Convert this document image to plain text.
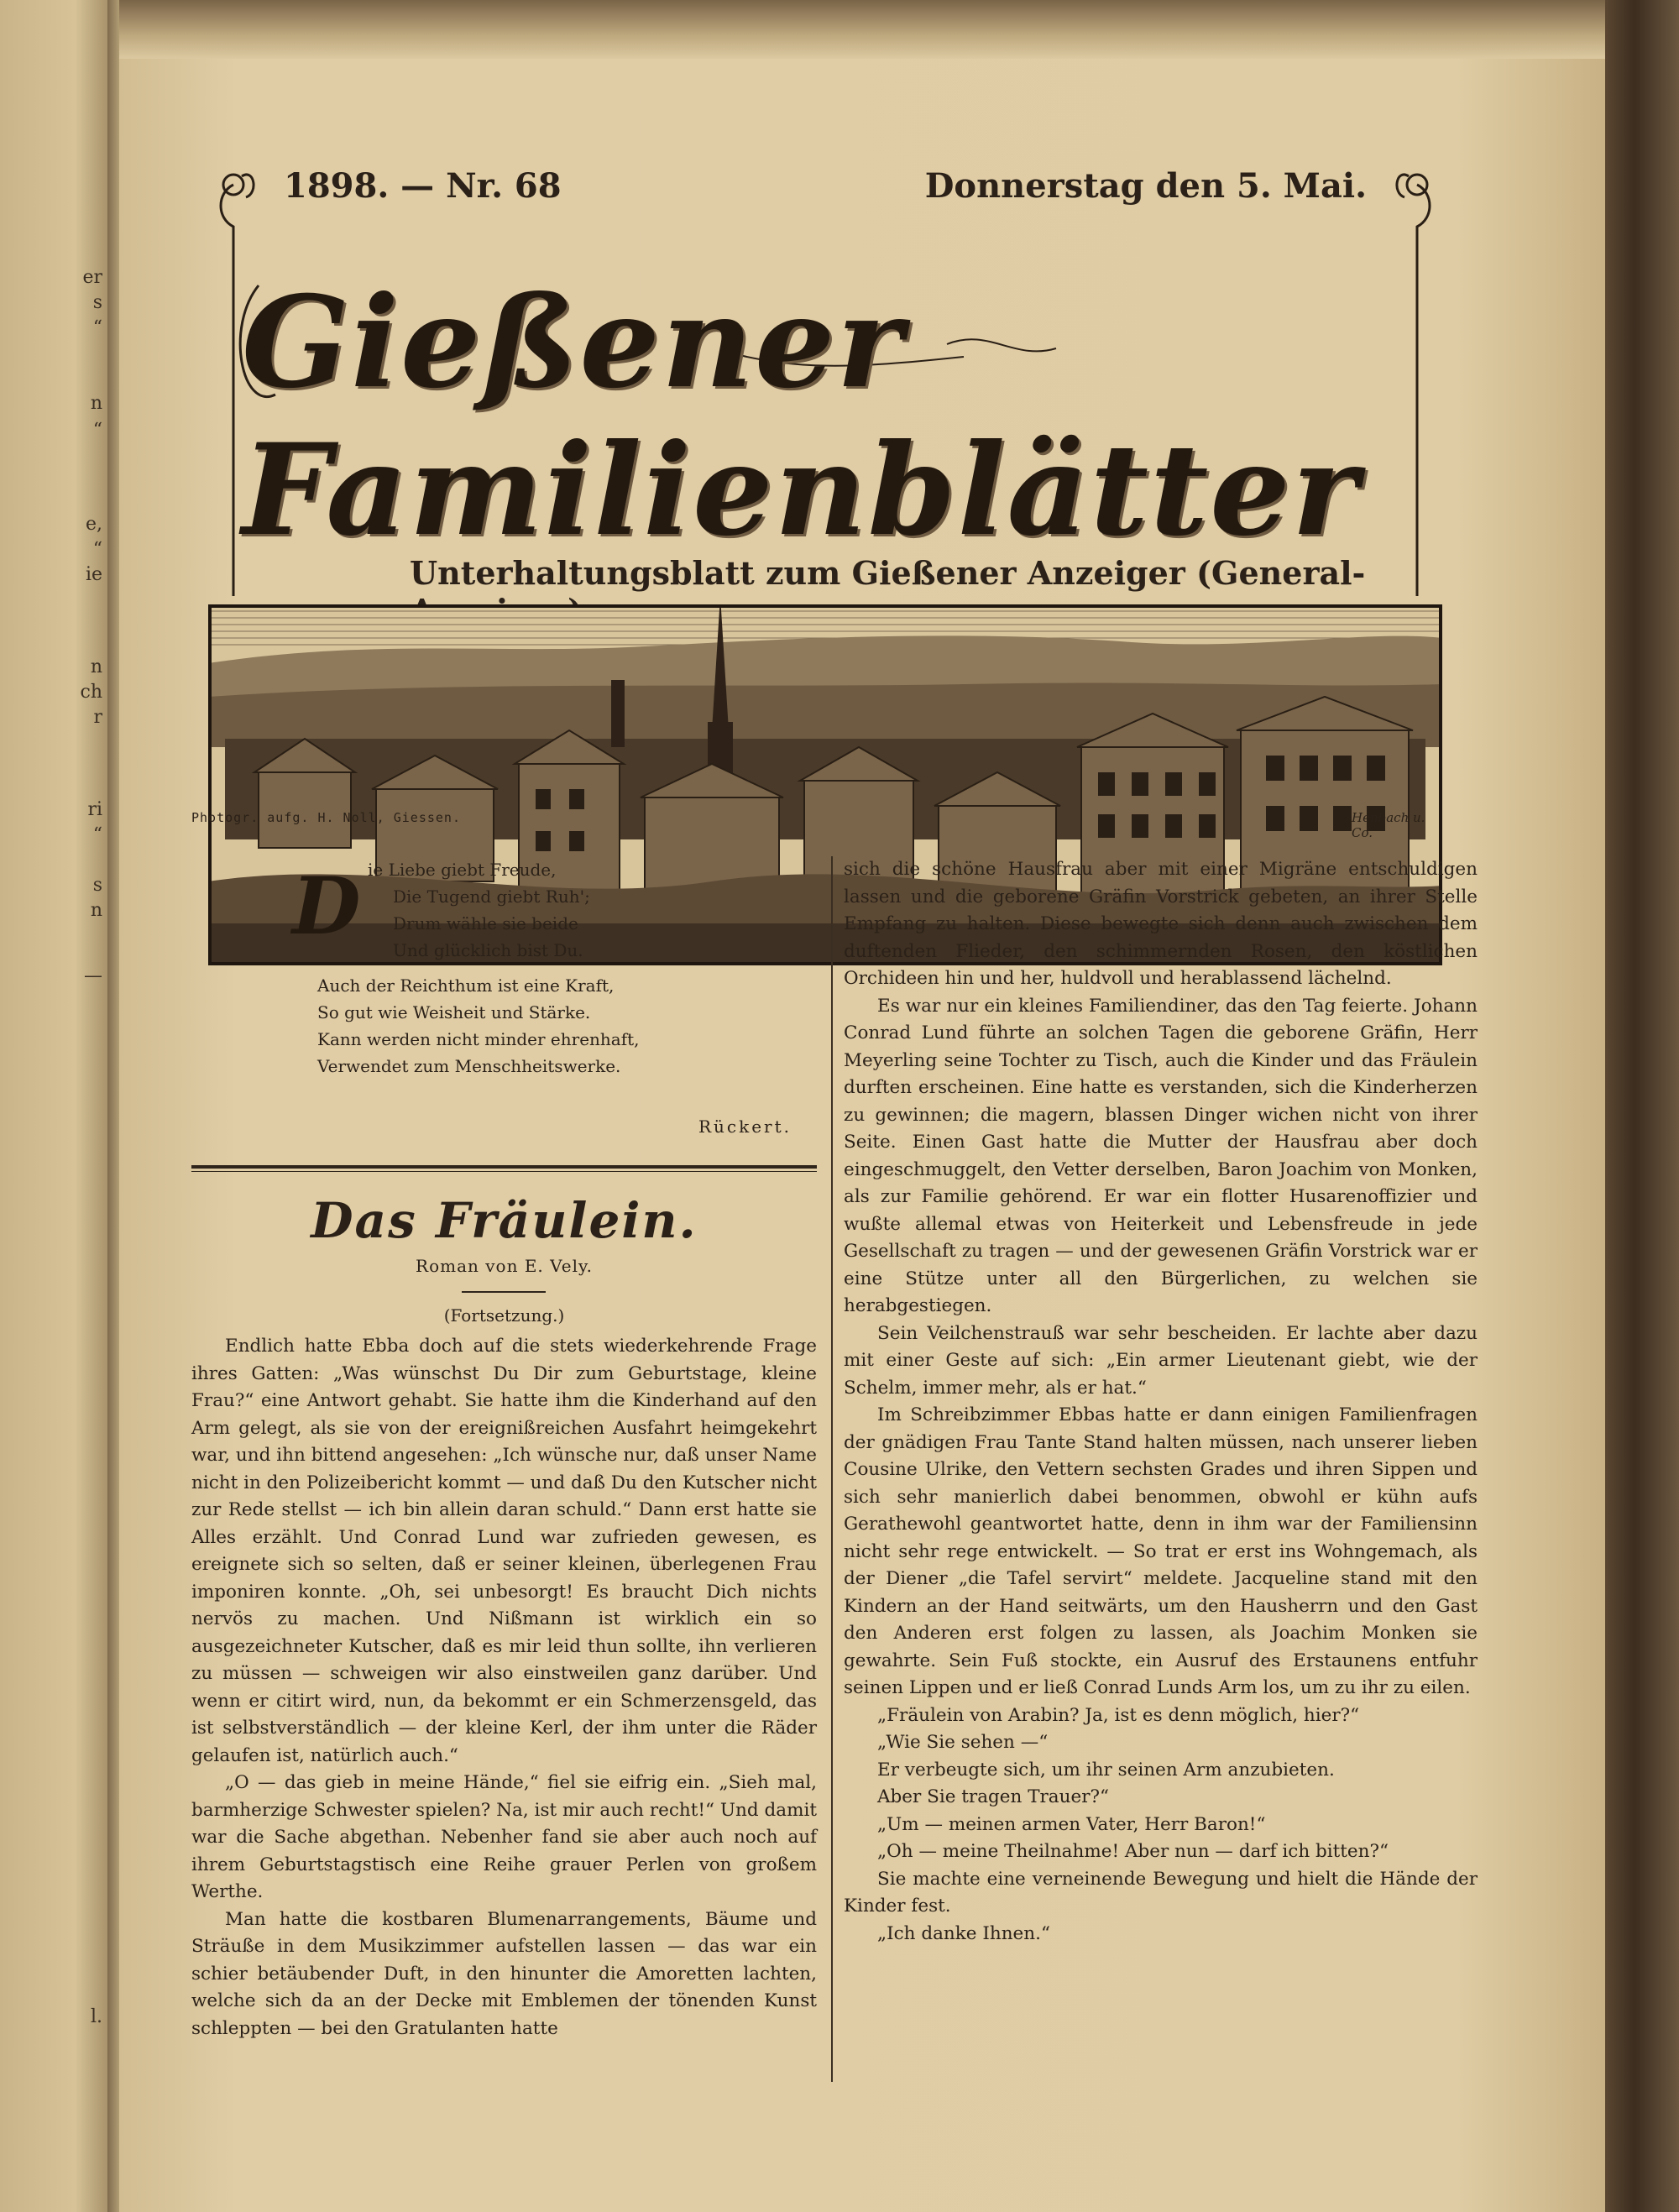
er
s
“
n
“
e,
“
ie
n
ch
r
ri
“
s
n
—
l.
1898. — Nr. 68	Donnerstag den 5. Mai.
Gießener Familienblätter
Unterhaltungsblatt zum Gießener Anzeiger (General-
Photogr. aufg. H. Noll, Giessen.	Henbach u. Co.
D ie Liebe giebt Freude,
Die Tugend giebt Ruh';
Drum wähle sie beide
Und glücklich bist Du.
Auch der Reichthum ist eine Kraft,
So gut wie Weisheit und Stärke.
Kann werden nicht minder ehrenhaft,
Verwendet zum Menschheitswerke.
Rückert.
Das Fräulein.
Roman von E. Vely.
(Fortsetzung.)

Endlich hatte Ebba doch auf die stets wiederkehrende Frage ihres Gatten: „Was wünschst Du Dir zum Geburtstage, kleine Frau?“ eine Antwort gehabt. Sie hatte ihm die Kinderhand auf den Arm gelegt, als sie von der ereignißreichen Ausfahrt heimgekehrt war, und ihn bittend angesehen: „Ich wünsche nur, daß unser Name nicht in den Polizeibericht kommt — und daß Du den Kutscher nicht zur Rede stellst — ich bin allein daran schuld.“ Dann erst hatte sie Alles erzählt. Und Conrad Lund war zufrieden gewesen, es ereignete sich so selten, daß er seiner kleinen, überlegenen Frau imponiren konnte. „Oh, sei unbesorgt! Es braucht Dich nichts nervös zu machen. Und Nißmann ist wirklich ein so ausgezeichneter Kutscher, daß es mir leid thun sollte, ihn verlieren zu müssen — schweigen wir also einstweilen ganz darüber. Und wenn er citirt wird, nun, da bekommt er ein Schmerzensgeld, das ist selbstverständlich — der kleine Kerl, der ihm unter die Räder gelaufen ist, natürlich auch.“

„O — das gieb in meine Hände,“ fiel sie eifrig ein. „Sieh mal, barmherzige Schwester spielen? Na, ist mir auch recht!“ Und damit war die Sache abgethan. Nebenher fand sie aber auch noch auf ihrem Geburtstagstisch eine Reihe grauer Perlen von großem Werthe.

Man hatte die kostbaren Blumenarrangements, Bäume und Sträuße in dem Musikzimmer aufstellen lassen — das war ein schier betäubender Duft, in den hinunter die Amoretten lachten, welche sich da an der Decke mit Emblemen der tönenden Kunst schleppten — bei den Gratulanten hatte

sich die schöne Hausfrau aber mit einer Migräne entschuldigen lassen und die geborene Gräfin Vorstrick gebeten, an ihrer Stelle Empfang zu halten. Diese bewegte sich denn auch zwischen dem duftenden Flieder, den schimmernden Rosen, den köstlichen Orchideen hin und her, huldvoll und herablassend lächelnd.

Es war nur ein kleines Familiendiner, das den Tag feierte. Johann Conrad Lund führte an solchen Tagen die geborene Gräfin, Herr Meyerling seine Tochter zu Tisch, auch die Kinder und das Fräulein durften erscheinen. Eine hatte es verstanden, sich die Kinderherzen zu gewinnen; die magern, blassen Dinger wichen nicht von ihrer Seite. Einen Gast hatte die Mutter der Hausfrau aber doch eingeschmuggelt, den Vetter derselben, Baron Joachim von Monken, als zur Familie gehörend. Er war ein flotter Husarenoffizier und wußte allemal etwas von Heiterkeit und Lebensfreude in jede Gesellschaft zu tragen — und der gewesenen Gräfin Vorstrick war er eine Stütze unter all den Bürgerlichen, zu welchen sie herabgestiegen.

Sein Veilchenstrauß war sehr bescheiden. Er lachte aber dazu mit einer Geste auf sich: „Ein armer Lieutenant giebt, wie der Schelm, immer mehr, als er hat.“

Im Schreibzimmer Ebbas hatte er dann einigen Familienfragen der gnädigen Frau Tante Stand halten müssen, nach unserer lieben Cousine Ulrike, den Vettern sechsten Grades und ihren Sippen und sich sehr manierlich dabei benommen, obwohl er kühn aufs Gerathewohl geantwortet hatte, denn in ihm war der Familiensinn nicht sehr rege entwickelt. — So trat er erst ins Wohngemach, als der Diener „die Tafel servirt“ meldete. Jacqueline stand mit den Kindern an der Hand seitwärts, um den Hausherrn und den Gast den Anderen erst folgen zu lassen, als Joachim Monken sie gewahrte. Sein Fuß stockte, ein Ausruf des Erstaunens entfuhr seinen Lippen und er ließ Conrad Lunds Arm los, um zu ihr zu eilen.

„Fräulein von Arabin? Ja, ist es denn möglich, hier?“

„Wie Sie sehen —“

Er verbeugte sich, um ihr seinen Arm anzubieten.

Aber Sie tragen Trauer?“

„Um — meinen armen Vater, Herr Baron!“

„Oh — meine Theilnahme! Aber nun — darf ich bitten?“

Sie machte eine verneinende Bewegung und hielt die Hände der Kinder fest.

„Ich danke Ihnen.“
